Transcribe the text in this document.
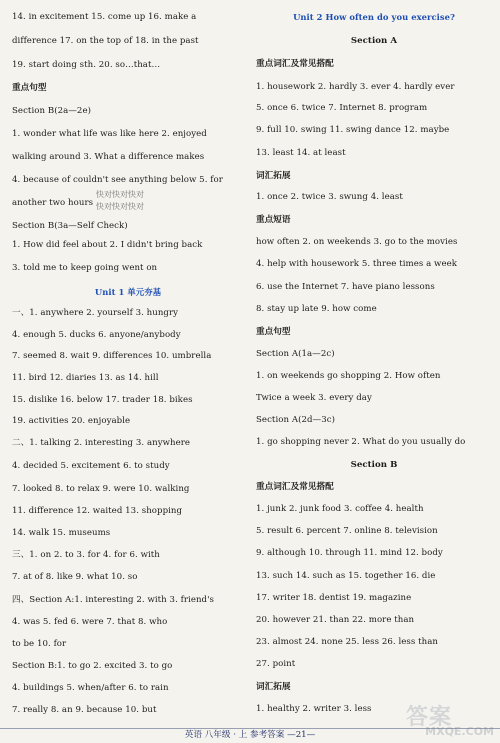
14. in excitement 15. come up 16. make a
difference 17. on the top of 18. in the past
19. start doing sth. 20. so…that…
重点句型
Section B(2a—2e)
1. wonder what life was like here 2. enjoyed
walking around 3. What a difference makes
4. because of couldn't see anything below 5. for
another two hours
Section B(3a—Self Check)
1. How did feel about 2. I didn't bring back
3. told me to keep going went on
Unit 1 单元夯基
一、1. anywhere 2. yourself 3. hungry
4. enough 5. ducks 6. anyone/anybody
7. seemed 8. wait 9. differences 10. umbrella
11. bird 12. diaries 13. as 14. hill
15. dislike 16. below 17. trader 18. bikes
19. activities 20. enjoyable
二、1. talking 2. interesting 3. anywhere
4. decided 5. excitement 6. to study
7. looked 8. to relax 9. were 10. walking
11. difference 12. waited 13. shopping
14. walk 15. museums
三、1. on 2. to 3. for 4. for 6. with
7. at of 8. like 9. what 10. so
四、Section A:1. interesting 2. with 3. friend's
4. was 5. fed 6. were 7. that 8. who
to be 10. for
Section B:1. to go 2. excited 3. to go
4. buildings 5. when/after 6. to rain
7. really 8. an 9. because 10. but
Unit 2 How often do you exercise?
Section A
重点词汇及常见搭配
1. housework 2. hardly 3. ever 4. hardly ever
5. once 6. twice 7. Internet 8. program
9. full 10. swing 11. swing dance 12. maybe
13. least 14. at least
词汇拓展
1. once 2. twice 3. swung 4. least
重点短语
how often 2. on weekends 3. go to the movies
4. help with housework 5. three times a week
6. use the Internet 7. have piano lessons
8. stay up late 9. how come
重点句型
Section A(1a—2c)
1. on weekends go shopping 2. How often
Twice a week 3. every day
Section A(2d—3c)
1. go shopping never 2. What do you usually do
Section B
重点词汇及常见搭配
1. junk 2. junk food 3. coffee 4. health
5. result 6. percent 7. online 8. television
9. although 10. through 11. mind 12. body
13. such 14. such as 15. together 16. die
17. writer 18. dentist 19. magazine
20. however 21. than 22. more than
23. almost 24. none 25. less 26. less than
27. point
词汇拓展
1. healthy 2. writer 3. less
快对快对快对
快对快对快对
英语 八年级 · 上 参考答案 —21—
答案
MXQE.COM
